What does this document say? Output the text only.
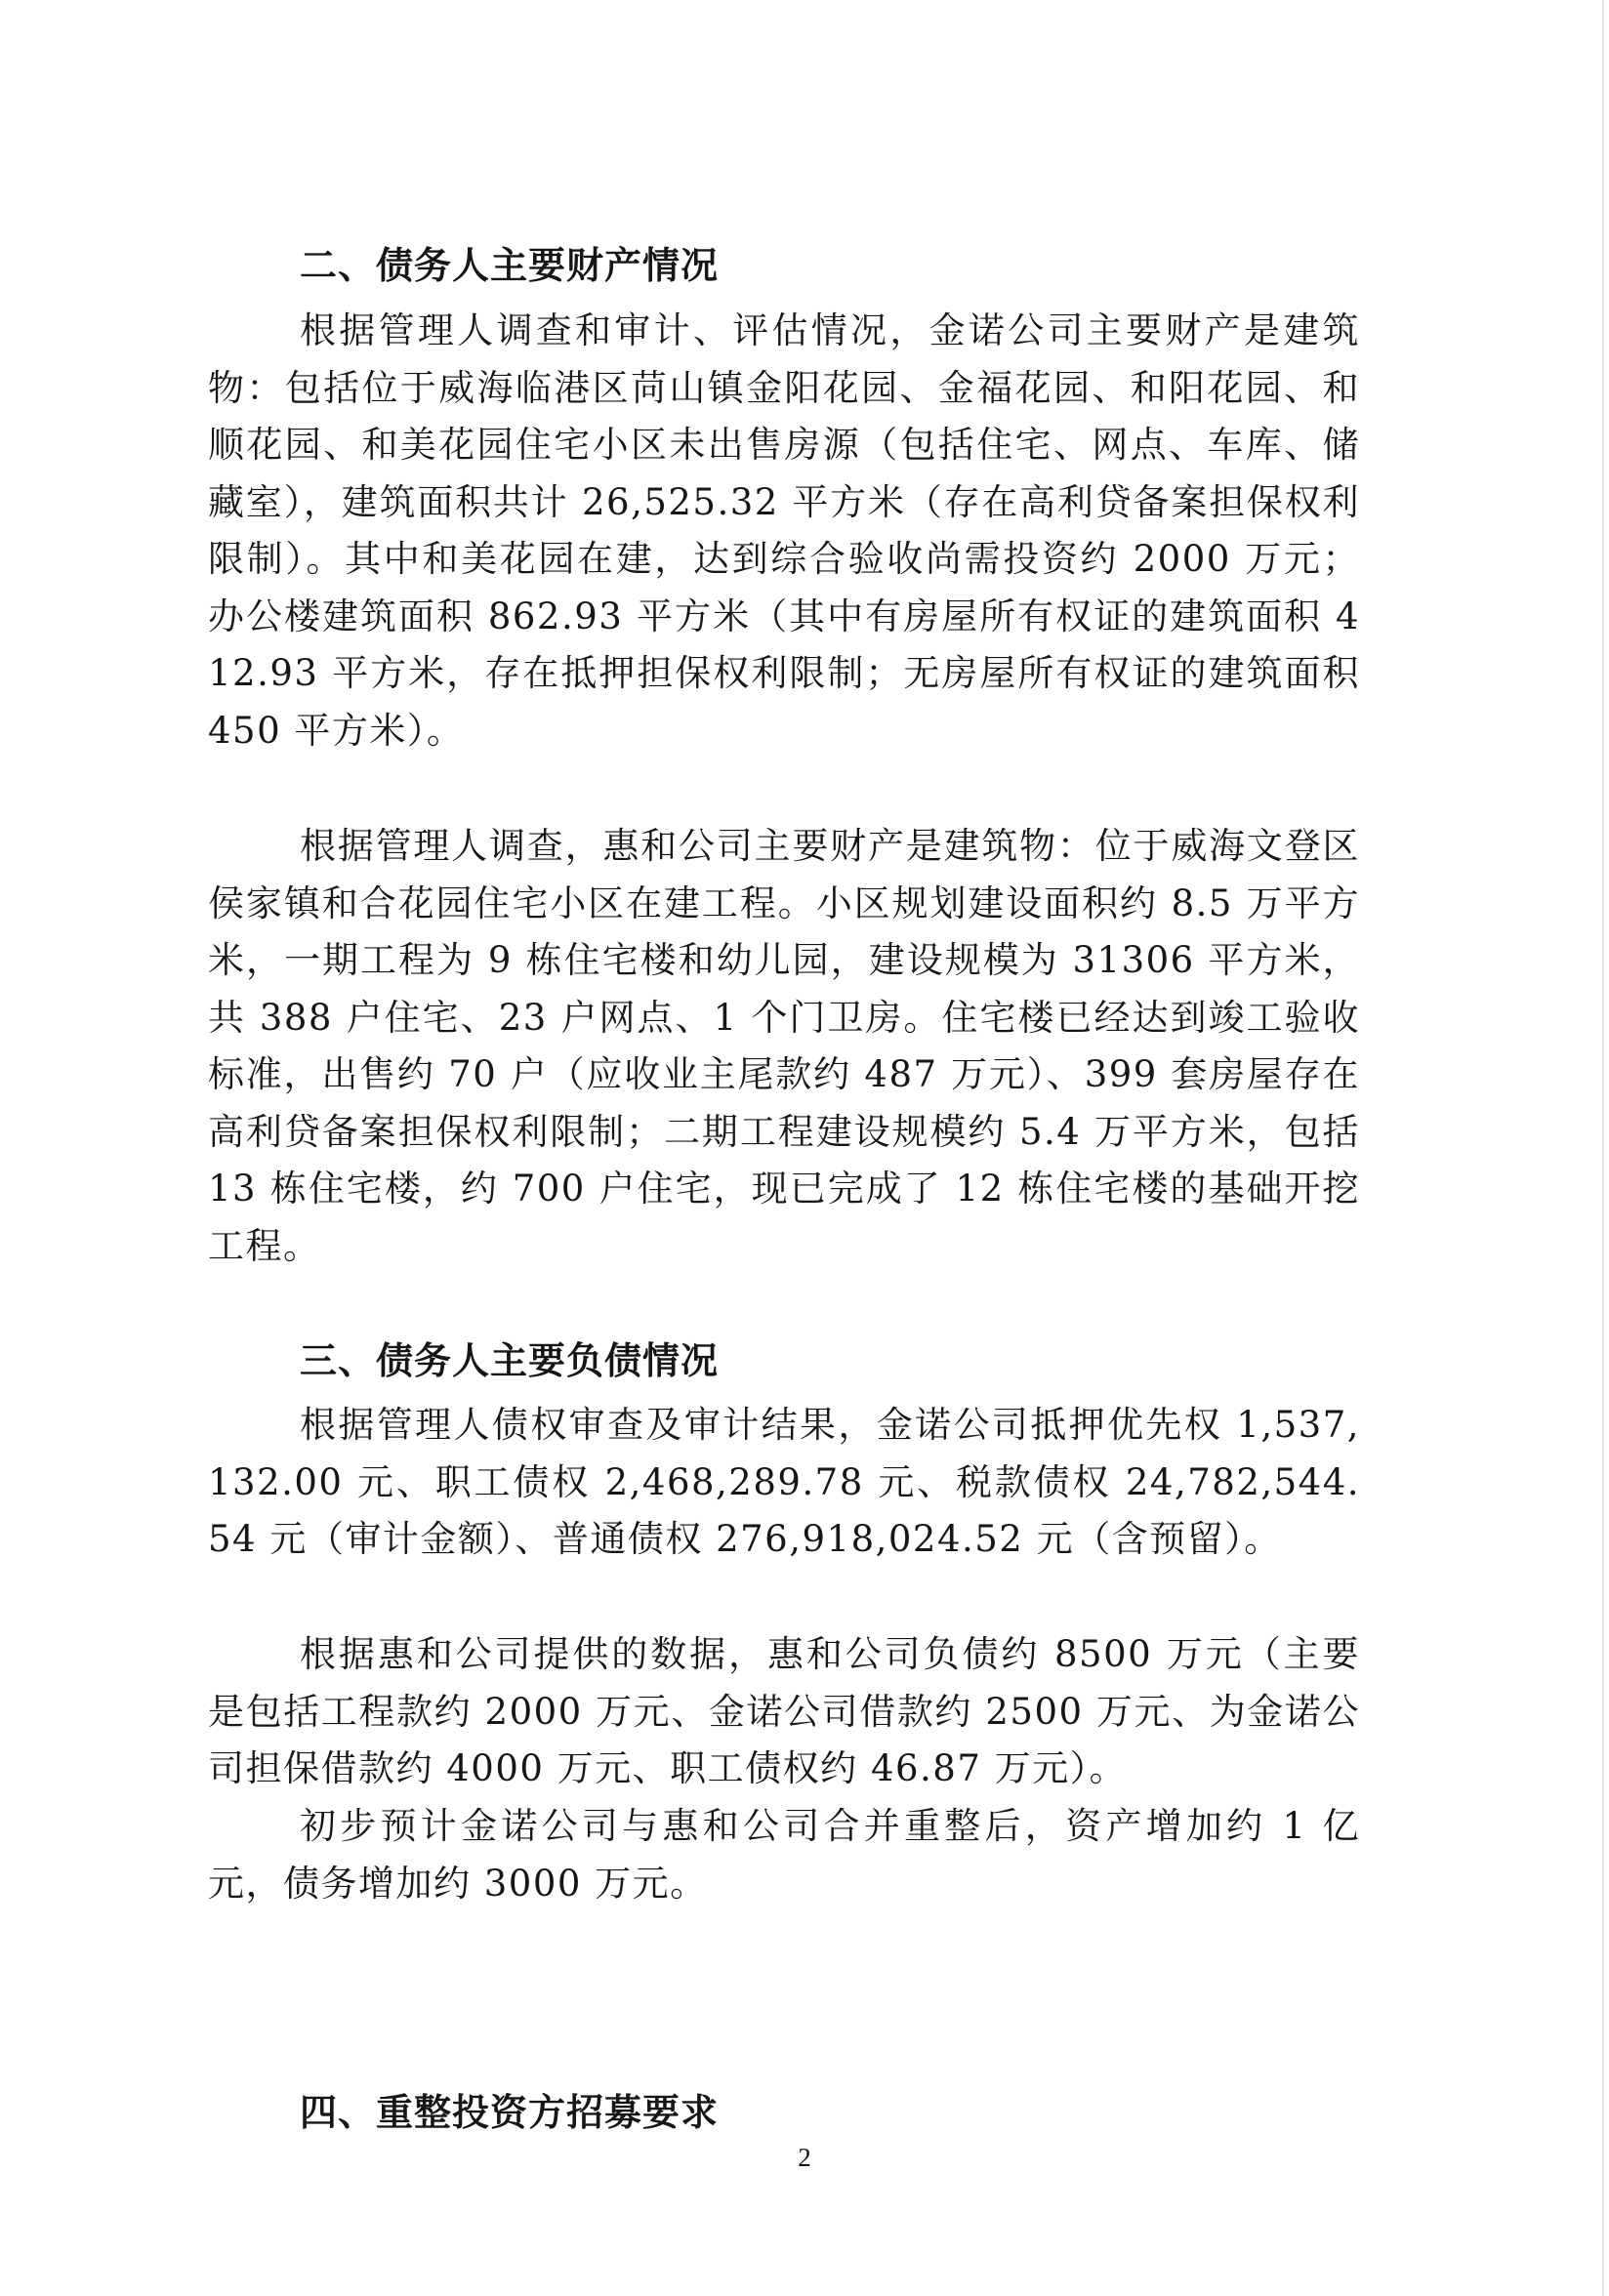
二、债务人主要财产情况
根据管理人调查和审计、评估情况，金诺公司主要财产是建筑物：包括位于威海临港区苘山镇金阳花园、金福花园、和阳花园、和顺花园、和美花园住宅小区未出售房源（包括住宅、网点、车库、储藏室），建筑面积共计 26,525.32 平方米（存在高利贷备案担保权利限制）。其中和美花园在建，达到综合验收尚需投资约 2000 万元；办公楼建筑面积 862.93 平方米（其中有房屋所有权证的建筑面积 412.93 平方米，存在抵押担保权利限制；无房屋所有权证的建筑面积 450 平方米）。
根据管理人调查，惠和公司主要财产是建筑物：位于威海文登区侯家镇和合花园住宅小区在建工程。小区规划建设面积约 8.5 万平方米，一期工程为 9 栋住宅楼和幼儿园，建设规模为 31306 平方米，共 388 户住宅、23 户网点、1 个门卫房。住宅楼已经达到竣工验收标准，出售约 70 户（应收业主尾款约 487 万元）、399 套房屋存在高利贷备案担保权利限制；二期工程建设规模约 5.4 万平方米，包括 13 栋住宅楼，约 700 户住宅，现已完成了 12 栋住宅楼的基础开挖工程。
三、债务人主要负债情况
根据管理人债权审查及审计结果，金诺公司抵押优先权 1,537,132.00 元、职工债权 2,468,289.78 元、税款债权 24,782,544.54 元（审计金额）、普通债权 276,918,024.52 元（含预留）。
根据惠和公司提供的数据，惠和公司负债约 8500 万元（主要是包括工程款约 2000 万元、金诺公司借款约 2500 万元、为金诺公司担保借款约 4000 万元、职工债权约 46.87 万元）。
初步预计金诺公司与惠和公司合并重整后，资产增加约 1 亿元，债务增加约 3000 万元。
四、重整投资方招募要求
2
